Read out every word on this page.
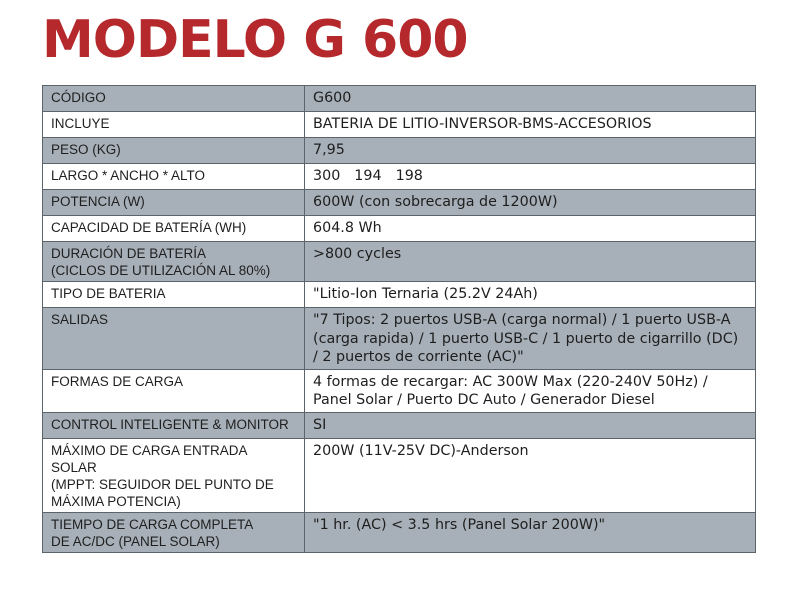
MODELO G 600
CÓDIGO	G600
INCLUYE	BATERIA DE LITIO-INVERSOR-BMS-ACCESORIOS
PESO (KG)	7,95
LARGO * ANCHO * ALTO	300 194 198
POTENCIA (W)	600W (con sobrecarga de 1200W)
CAPACIDAD DE BATERÍA (WH)	604.8 Wh

DURACIÓN DE BATERÍA
(CICLOS DE UTILIZACIÓN AL 80%)	>800 cycles
TIPO DE BATERIA	"Litio-Ion Ternaria (25.2V 24Ah)
SALIDAS	"7 Tipos: 2 puertos USB-A (carga normal) / 1 puerto USB-A
(carga rapida) / 1 puerto USB-C / 1 puerto de cigarrillo (DC)
/ 2 puertos de corriente (AC)"

FORMAS DE CARGA	4 formas de recargar: AC 300W Max (220-240V 50Hz) /
Panel Solar / Puerto DC Auto / Generador Diesel

CONTROL INTELIGENTE & MONITOR	SI

MÁXIMO DE CARGA ENTRADA SOLAR
(MPPT: SEGUIDOR DEL PUNTO DE
MÁXIMA POTENCIA)	200W (11V-25V DC)-Anderson

TIEMPO DE CARGA COMPLETA
DE AC/DC (PANEL SOLAR)	"1 hr. (AC) < 3.5 hrs (Panel Solar 200W)"
